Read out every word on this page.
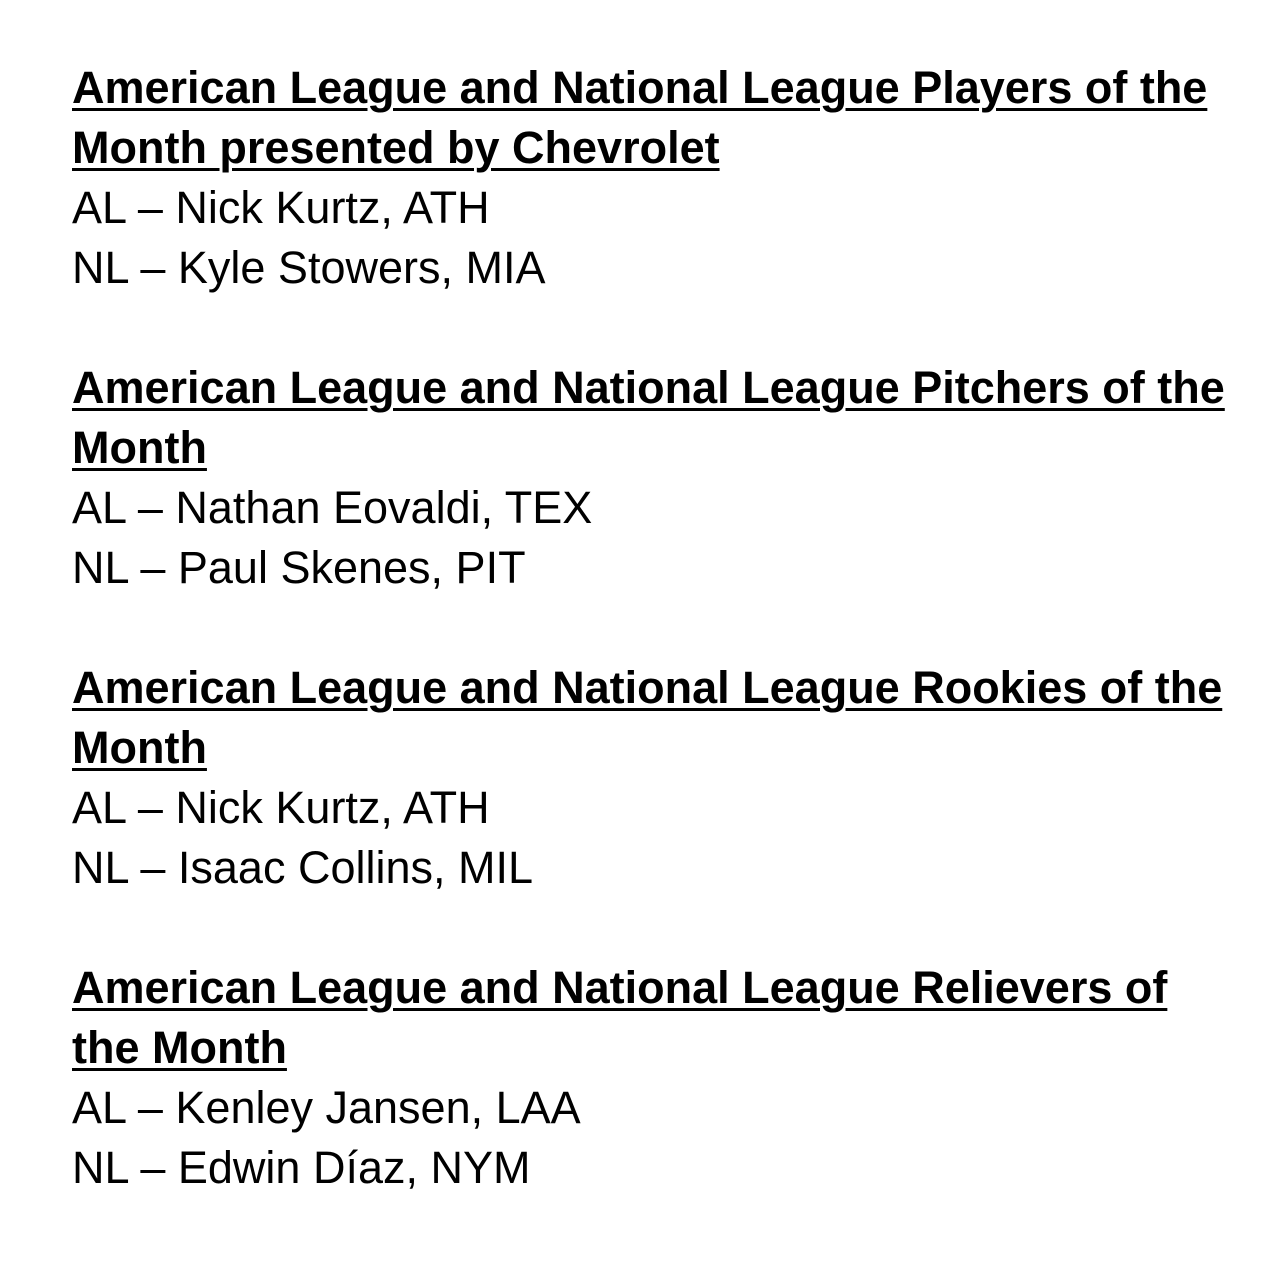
American League and National League Players of the Month presented by Chevrolet

AL – Nick Kurtz, ATH

NL – Kyle Stowers, MIA

American League and National League Pitchers of the Month

AL – Nathan Eovaldi, TEX

NL – Paul Skenes, PIT

American League and National League Rookies of the Month

AL – Nick Kurtz, ATH

NL – Isaac Collins, MIL

American League and National League Relievers of the Month

AL – Kenley Jansen, LAA

NL – Edwin Díaz, NYM
